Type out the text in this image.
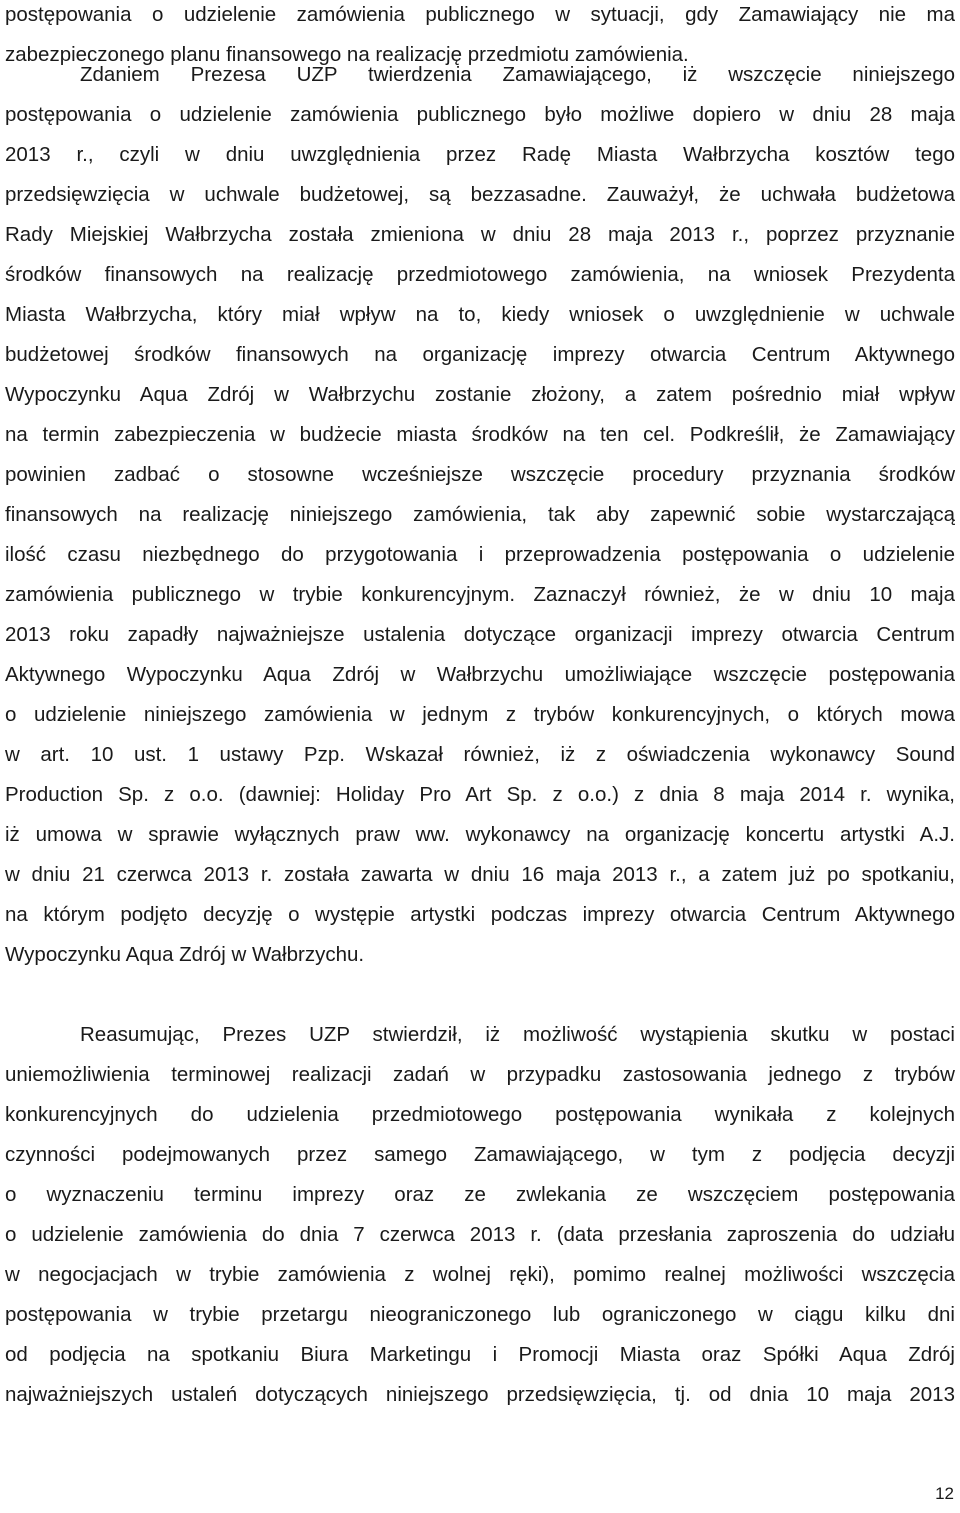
postępowania o udzielenie zamówienia publicznego w sytuacji, gdy Zamawiający nie ma
zabezpieczonego planu finansowego na realizację przedmiotu zamówienia.
Zdaniem Prezesa UZP twierdzenia Zamawiającego, iż wszczęcie niniejszego
postępowania o udzielenie zamówienia publicznego było możliwe dopiero w dniu 28 maja
2013 r., czyli w dniu uwzględnienia przez Radę Miasta Wałbrzycha kosztów tego
przedsięwzięcia w uchwale budżetowej, są bezzasadne. Zauważył, że uchwała budżetowa
Rady Miejskiej Wałbrzycha została zmieniona w dniu 28 maja 2013 r., poprzez przyznanie
środków finansowych na realizację przedmiotowego zamówienia, na wniosek Prezydenta
Miasta Wałbrzycha, który miał wpływ na to, kiedy wniosek o uwzględnienie w uchwale
budżetowej środków finansowych na organizację imprezy otwarcia Centrum Aktywnego
Wypoczynku Aqua Zdrój w Wałbrzychu zostanie złożony, a zatem pośrednio miał wpływ
na termin zabezpieczenia w budżecie miasta środków na ten cel. Podkreślił, że Zamawiający
powinien zadbać o stosowne wcześniejsze wszczęcie procedury przyznania środków
finansowych na realizację niniejszego zamówienia, tak aby zapewnić sobie wystarczającą
ilość czasu niezbędnego do przygotowania i przeprowadzenia postępowania o udzielenie
zamówienia publicznego w trybie konkurencyjnym. Zaznaczył również, że w dniu 10 maja
2013 roku zapadły najważniejsze ustalenia dotyczące organizacji imprezy otwarcia Centrum
Aktywnego Wypoczynku Aqua Zdrój w Wałbrzychu umożliwiające wszczęcie postępowania
o udzielenie niniejszego zamówienia w jednym z trybów konkurencyjnych, o których mowa
w art. 10 ust. 1 ustawy Pzp. Wskazał również, iż z oświadczenia wykonawcy Sound
Production Sp. z o.o. (dawniej: Holiday Pro Art Sp. z o.o.) z dnia 8 maja 2014 r. wynika,
iż umowa w sprawie wyłącznych praw ww. wykonawcy na organizację koncertu artystki A.J.
w dniu 21 czerwca 2013 r. została zawarta w dniu 16 maja 2013 r., a zatem już po spotkaniu,
na którym podjęto decyzję o występie artystki podczas imprezy otwarcia Centrum Aktywnego
Wypoczynku Aqua Zdrój w Wałbrzychu.
Reasumując, Prezes UZP stwierdził, iż możliwość wystąpienia skutku w postaci
uniemożliwienia terminowej realizacji zadań w przypadku zastosowania jednego z trybów
konkurencyjnych do udzielenia przedmiotowego postępowania wynikała z kolejnych
czynności podejmowanych przez samego Zamawiającego, w tym z podjęcia decyzji
o wyznaczeniu terminu imprezy oraz ze zwlekania ze wszczęciem postępowania
o udzielenie zamówienia do dnia 7 czerwca 2013 r. (data przesłania zaproszenia do udziału
w negocjacjach w trybie zamówienia z wolnej ręki), pomimo realnej możliwości wszczęcia
postępowania w trybie przetargu nieograniczonego lub ograniczonego w ciągu kilku dni
od podjęcia na spotkaniu Biura Marketingu i Promocji Miasta oraz Spółki Aqua Zdrój
najważniejszych ustaleń dotyczących niniejszego przedsięwzięcia, tj. od dnia 10 maja 2013
12
